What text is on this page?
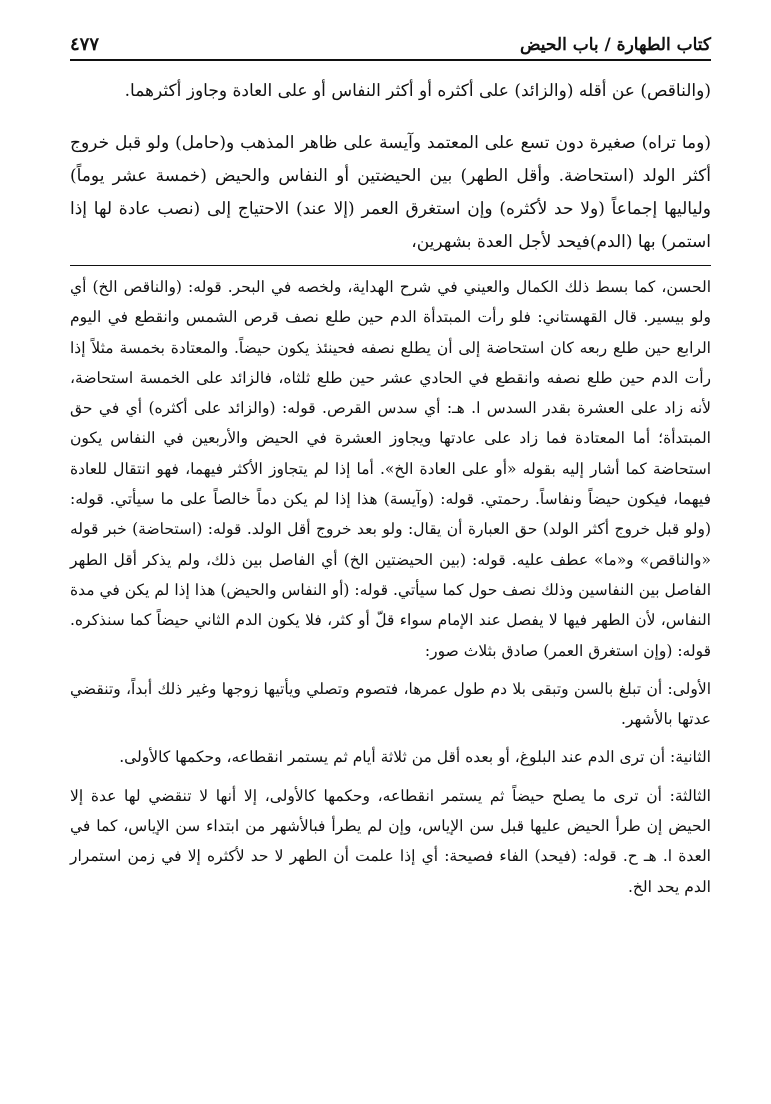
كتاب الطهارة / باب الحيض
٤٧٧

(والناقص) عن أقله (والزائد) على أكثره أو أكثر النفاس أو على العادة وجاوز أكثرهما.

(وما تراه) صغيرة دون تسع على المعتمد وآيسة على ظاهر المذهب و(حامل) ولو قبل خروج أكثر الولد (استحاضة. وأقل الطهر) بين الحيضتين أو النفاس والحيض (خمسة عشر يوماً) ولياليها إجماعاً (ولا حد لأكثره) وإن استغرق العمر (إلا عند) الاحتياج إلى (نصب عادة لها إذا استمر) بها (الدم)فيحد لأجل العدة بشهرين،

الحسن، كما بسط ذلك الكمال والعيني في شرح الهداية، ولخصه في البحر. قوله: (والناقص الخ) أي ولو بيسير. قال القهستاني: فلو رأت المبتدأة الدم حين طلع نصف قرص الشمس وانقطع في اليوم الرابع حين طلع ربعه كان استحاضة إلى أن يطلع نصفه فحينئذ يكون حيضاً. والمعتادة بخمسة مثلاً إذا رأت الدم حين طلع نصفه وانقطع في الحادي عشر حين طلع ثلثاه، فالزائد على الخمسة استحاضة، لأنه زاد على العشرة بقدر السدس ا. هـ: أي سدس القرص. قوله: (والزائد على أكثره) أي في حق المبتدأة؛ أما المعتادة فما زاد على عادتها ويجاوز العشرة في الحيض والأربعين في النفاس يكون استحاضة كما أشار إليه بقوله «أو على العادة الخ». أما إذا لم يتجاوز الأكثر فيهما، فهو انتقال للعادة فيهما، فيكون حيضاً ونفاساً. رحمتي. قوله: (وآيسة) هذا إذا لم يكن دماً خالصاً على ما سيأتي. قوله: (ولو قبل خروج أكثر الولد) حق العبارة أن يقال: ولو بعد خروج أقل الولد. قوله: (استحاضة) خبر قوله «والناقص» و«ما» عطف عليه. قوله: (بين الحيضتين الخ) أي الفاصل بين ذلك، ولم يذكر أقل الطهر الفاصل بين النفاسين وذلك نصف حول كما سيأتي. قوله: (أو النفاس والحيض) هذا إذا لم يكن في مدة النفاس، لأن الطهر فيها لا يفصل عند الإمام سواء قلّ أو كثر، فلا يكون الدم الثاني حيضاً كما سنذكره. قوله: (وإن استغرق العمر) صادق بثلاث صور:

الأولى: أن تبلغ بالسن وتبقى بلا دم طول عمرها، فتصوم وتصلي ويأتيها زوجها وغير ذلك أبداً، وتنقضي عدتها بالأشهر.

الثانية: أن ترى الدم عند البلوغ، أو بعده أقل من ثلاثة أيام ثم يستمر انقطاعه، وحكمها كالأولى.

الثالثة: أن ترى ما يصلح حيضاً ثم يستمر انقطاعه، وحكمها كالأولى، إلا أنها لا تنقضي لها عدة إلا الحيض إن طرأ الحيض عليها قبل سن الإياس، وإن لم يطرأ فبالأشهر من ابتداء سن الإياس، كما في العدة ا. هـ ح. قوله: (فيحد) الفاء فصيحة: أي إذا علمت أن الطهر لا حد لأكثره إلا في زمن استمرار الدم يحد الخ.
